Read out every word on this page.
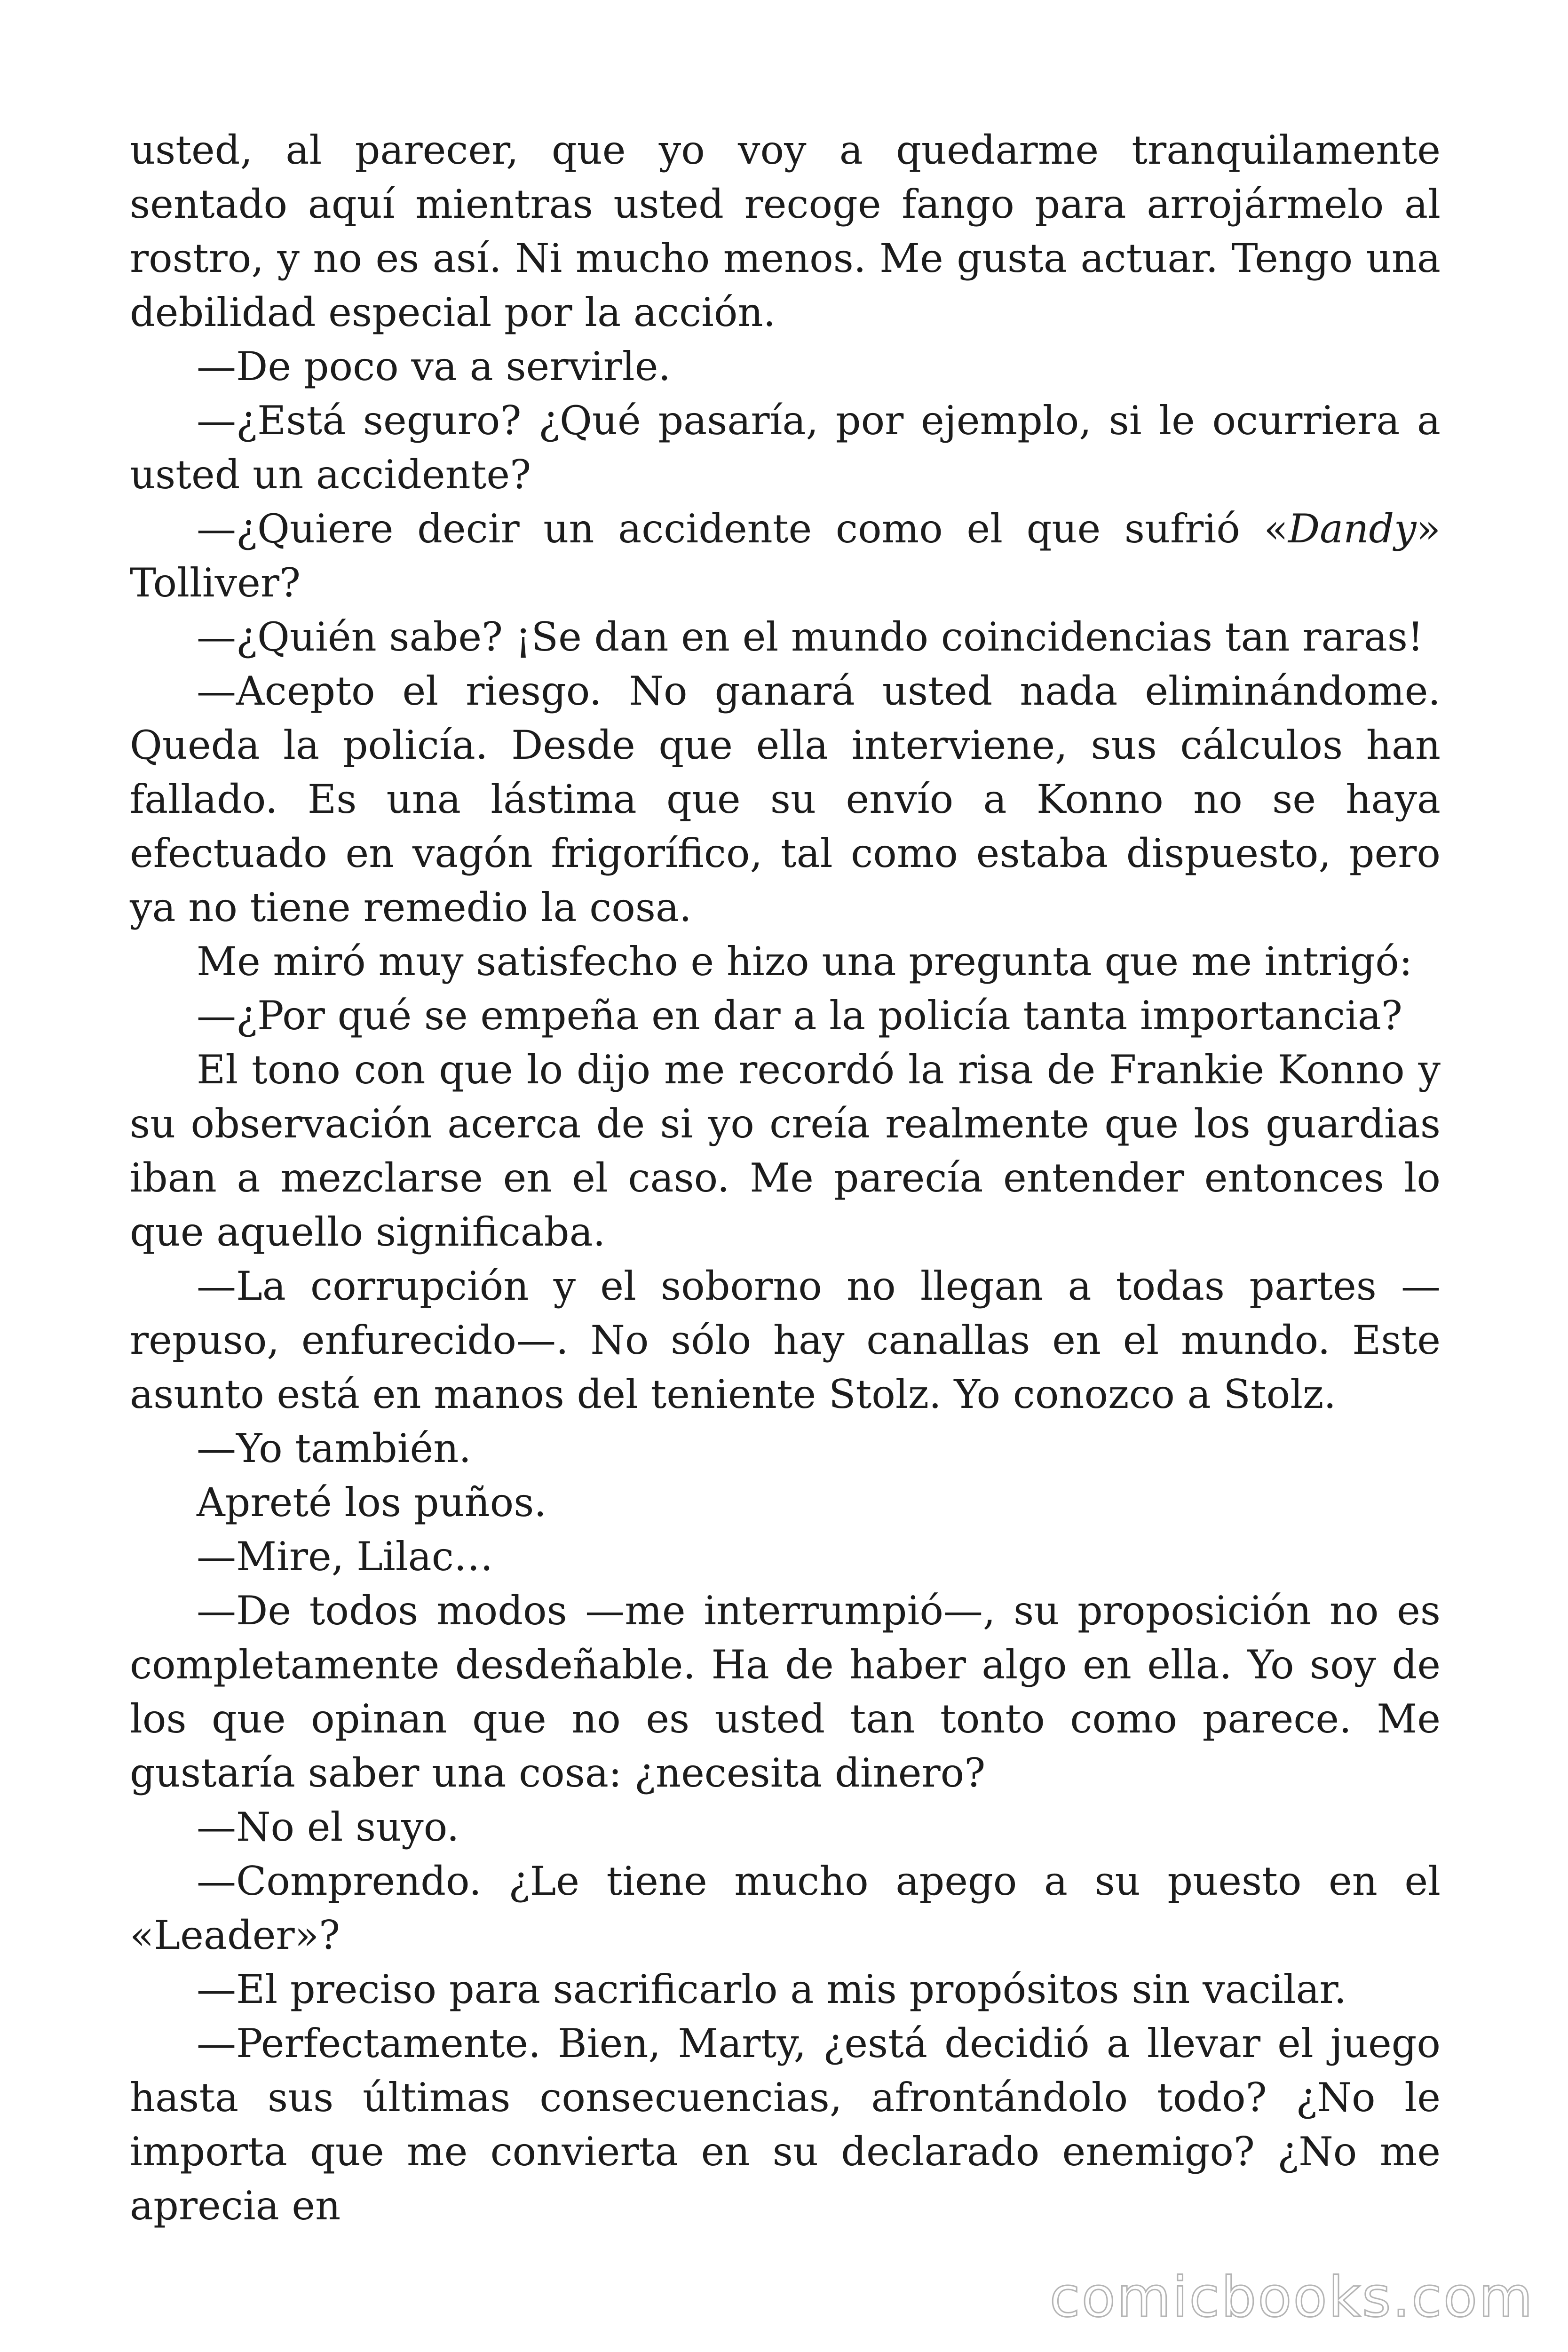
usted, al parecer, que yo voy a quedarme tranquilamente sentado aquí mientras usted recoge fango para arrojármelo al rostro, y no es así. Ni mucho menos. Me gusta actuar. Tengo una debilidad especial por la acción.

—De poco va a servirle.

—¿Está seguro? ¿Qué pasaría, por ejemplo, si le ocurriera a usted un accidente?

—¿Quiere decir un accidente como el que sufrió «Dandy» Tolliver?

—¿Quién sabe? ¡Se dan en el mundo coincidencias tan raras!

—Acepto el riesgo. No ganará usted nada eliminándome. Queda la policía. Desde que ella interviene, sus cálculos han fallado. Es una lástima que su envío a Konno no se haya efectuado en vagón frigorífico, tal como estaba dispuesto, pero ya no tiene remedio la cosa.

Me miró muy satisfecho e hizo una pregunta que me intrigó:

—¿Por qué se empeña en dar a la policía tanta importancia?

El tono con que lo dijo me recordó la risa de Frankie Konno y su observación acerca de si yo creía realmente que los guardias iban a mezclarse en el caso. Me parecía entender entonces lo que aquello significaba.

—La corrupción y el soborno no llegan a todas partes —repuso, enfurecido—. No sólo hay canallas en el mundo. Este asunto está en manos del teniente Stolz. Yo conozco a Stolz.

—Yo también.

Apreté los puños.

—Mire, Lilac…

—De todos modos —me interrumpió—, su proposición no es completamente desdeñable. Ha de haber algo en ella. Yo soy de los que opinan que no es usted tan tonto como parece. Me gustaría saber una cosa: ¿necesita dinero?

—No el suyo.

—Comprendo. ¿Le tiene mucho apego a su puesto en el «Leader»?

—El preciso para sacrificarlo a mis propósitos sin vacilar.

—Perfectamente. Bien, Marty, ¿está decidió a llevar el juego hasta sus últimas consecuencias, afrontándolo todo? ¿No le importa que me convierta en su declarado enemigo? ¿No me aprecia en

comicbooks.com
